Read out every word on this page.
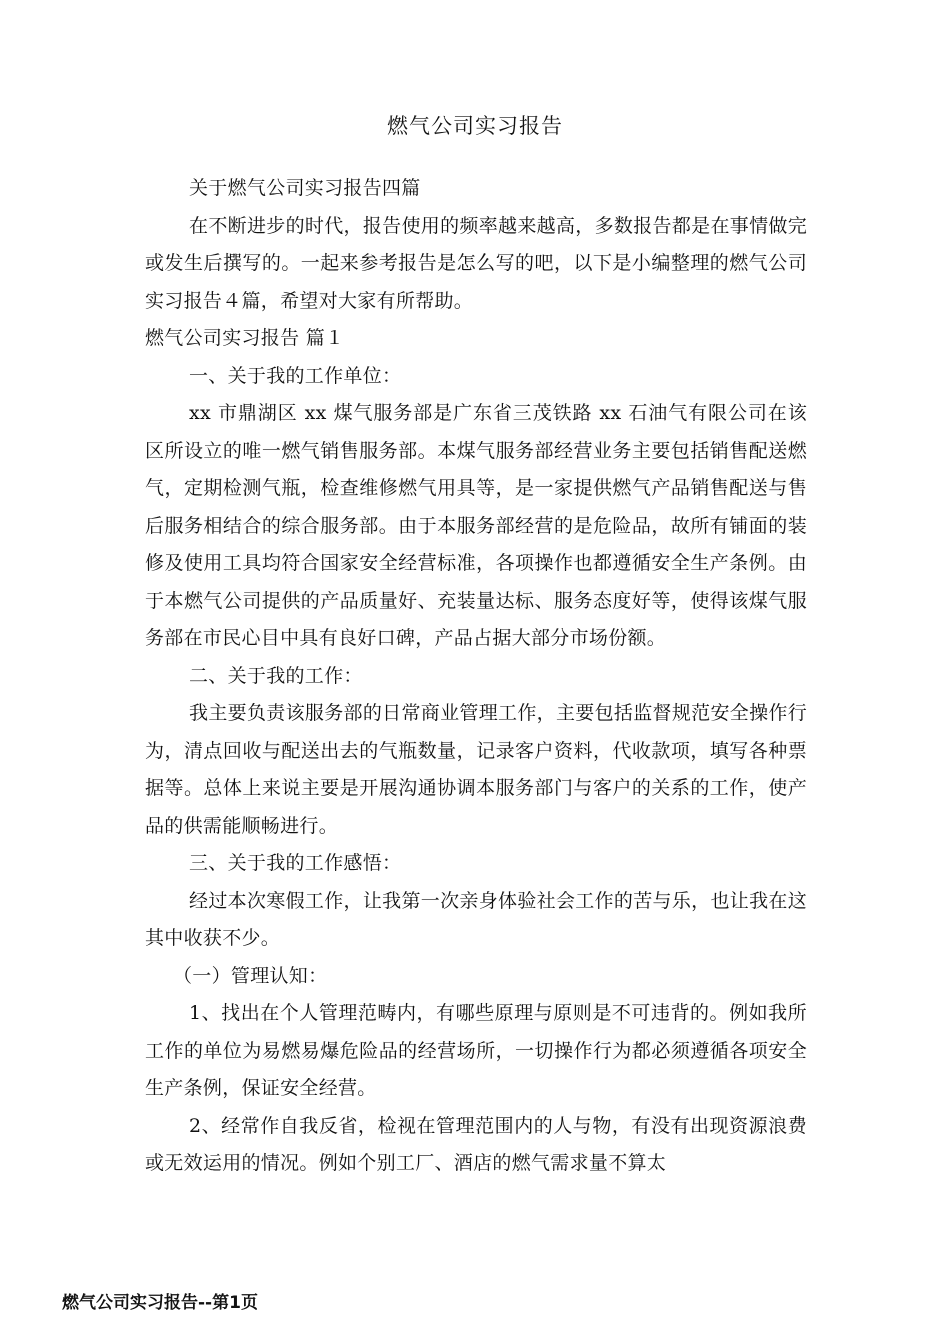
燃气公司实习报告

关于燃气公司实习报告四篇

在不断进步的时代，报告使用的频率越来越高，多数报告都是在事情做完或发生后撰写的。一起来参考报告是怎么写的吧，以下是小编整理的燃气公司实习报告４篇，希望对大家有所帮助。

燃气公司实习报告 篇１

一、关于我的工作单位：

xx 市鼎湖区 xx 煤气服务部是广东省三茂铁路 xx 石油气有限公司在该区所设立的唯一燃气销售服务部。本煤气服务部经营业务主要包括销售配送燃气，定期检测气瓶，检查维修燃气用具等，是一家提供燃气产品销售配送与售后服务相结合的综合服务部。由于本服务部经营的是危险品，故所有铺面的装修及使用工具均符合国家安全经营标准，各项操作也都遵循安全生产条例。由于本燃气公司提供的产品质量好、充装量达标、服务态度好等，使得该煤气服务部在市民心目中具有良好口碑，产品占据大部分市场份额。

二、关于我的工作：

我主要负责该服务部的日常商业管理工作，主要包括监督规范安全操作行为，清点回收与配送出去的气瓶数量，记录客户资料，代收款项，填写各种票据等。总体上来说主要是开展沟通协调本服务部门与客户的关系的工作，使产品的供需能顺畅进行。

三、关于我的工作感悟：

经过本次寒假工作，让我第一次亲身体验社会工作的苦与乐，也让我在这其中收获不少。

（一）管理认知：

1、找出在个人管理范畴内，有哪些原理与原则是不可违背的。例如我所工作的单位为易燃易爆危险品的经营场所，一切操作行为都必须遵循各项安全生产条例，保证安全经营。

2、经常作自我反省，检视在管理范围内的人与物，有没有出现资源浪费或无效运用的情况。例如个别工厂、酒店的燃气需求量不算太

燃气公司实习报告--第1页
